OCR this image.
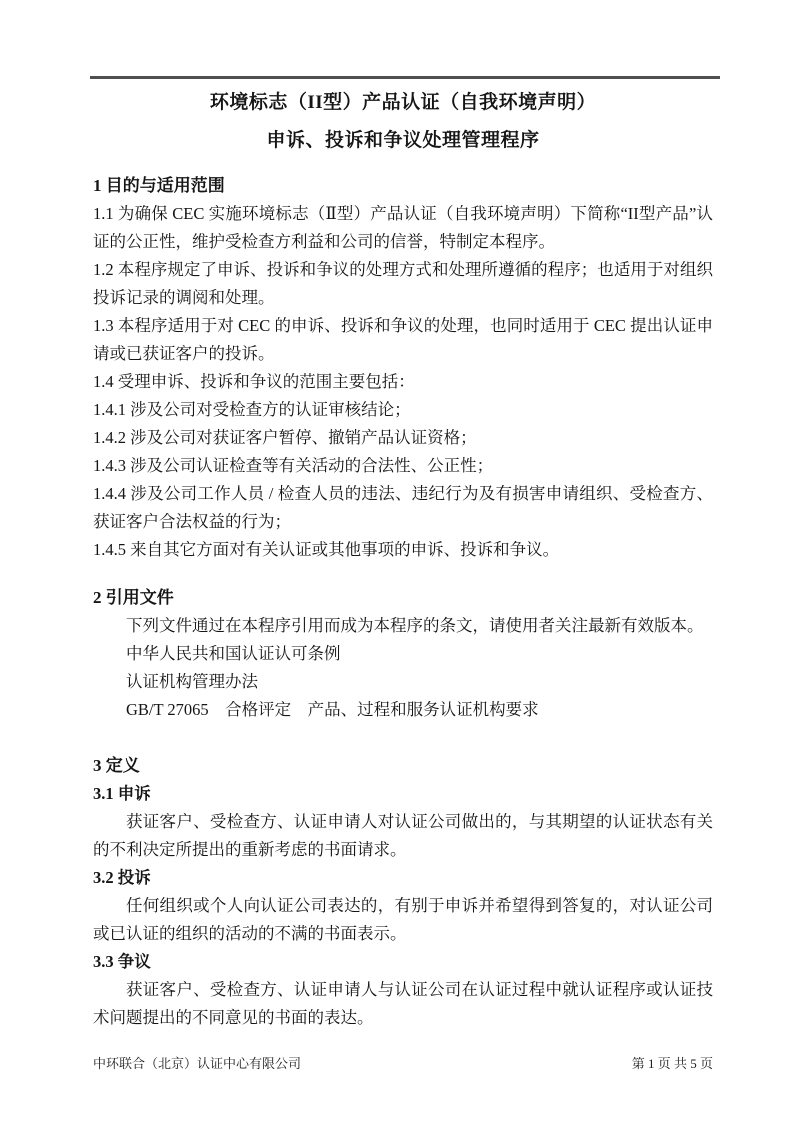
环境标志（II型）产品认证（自我环境声明）
申诉、投诉和争议处理管理程序
1 目的与适用范围

1.1 为确保 CEC 实施环境标志（Ⅱ型）产品认证（自我环境声明）下简称“II型产品”认证的公正性，维护受检查方利益和公司的信誉，特制定本程序。

1.2 本程序规定了申诉、投诉和争议的处理方式和处理所遵循的程序；也适用于对组织投诉记录的调阅和处理。

1.3 本程序适用于对 CEC 的申诉、投诉和争议的处理，也同时适用于 CEC 提出认证申请或已获证客户的投诉。

1.4 受理申诉、投诉和争议的范围主要包括：

1.4.1 涉及公司对受检查方的认证审核结论；

1.4.2 涉及公司对获证客户暂停、撤销产品认证资格；

1.4.3 涉及公司认证检查等有关活动的合法性、公正性；

1.4.4 涉及公司工作人员 / 检查人员的违法、违纪行为及有损害申请组织、受检查方、获证客户合法权益的行为；

1.4.5 来自其它方面对有关认证或其他事项的申诉、投诉和争议。

2 引用文件

下列文件通过在本程序引用而成为本程序的条文，请使用者关注最新有效版本。

中华人民共和国认证认可条例

认证机构管理办法

GB/T 27065　合格评定　产品、过程和服务认证机构要求

3 定义
3.1 申诉

获证客户、受检查方、认证申请人对认证公司做出的，与其期望的认证状态有关的不利决定所提出的重新考虑的书面请求。

3.2 投诉

任何组织或个人向认证公司表达的，有别于申诉并希望得到答复的，对认证公司或已认证的组织的活动的不满的书面表示。

3.3 争议

获证客户、受检查方、认证申请人与认证公司在认证过程中就认证程序或认证技术问题提出的不同意见的书面的表达。

中环联合（北京）认证中心有限公司	第 1 页 共 5 页
